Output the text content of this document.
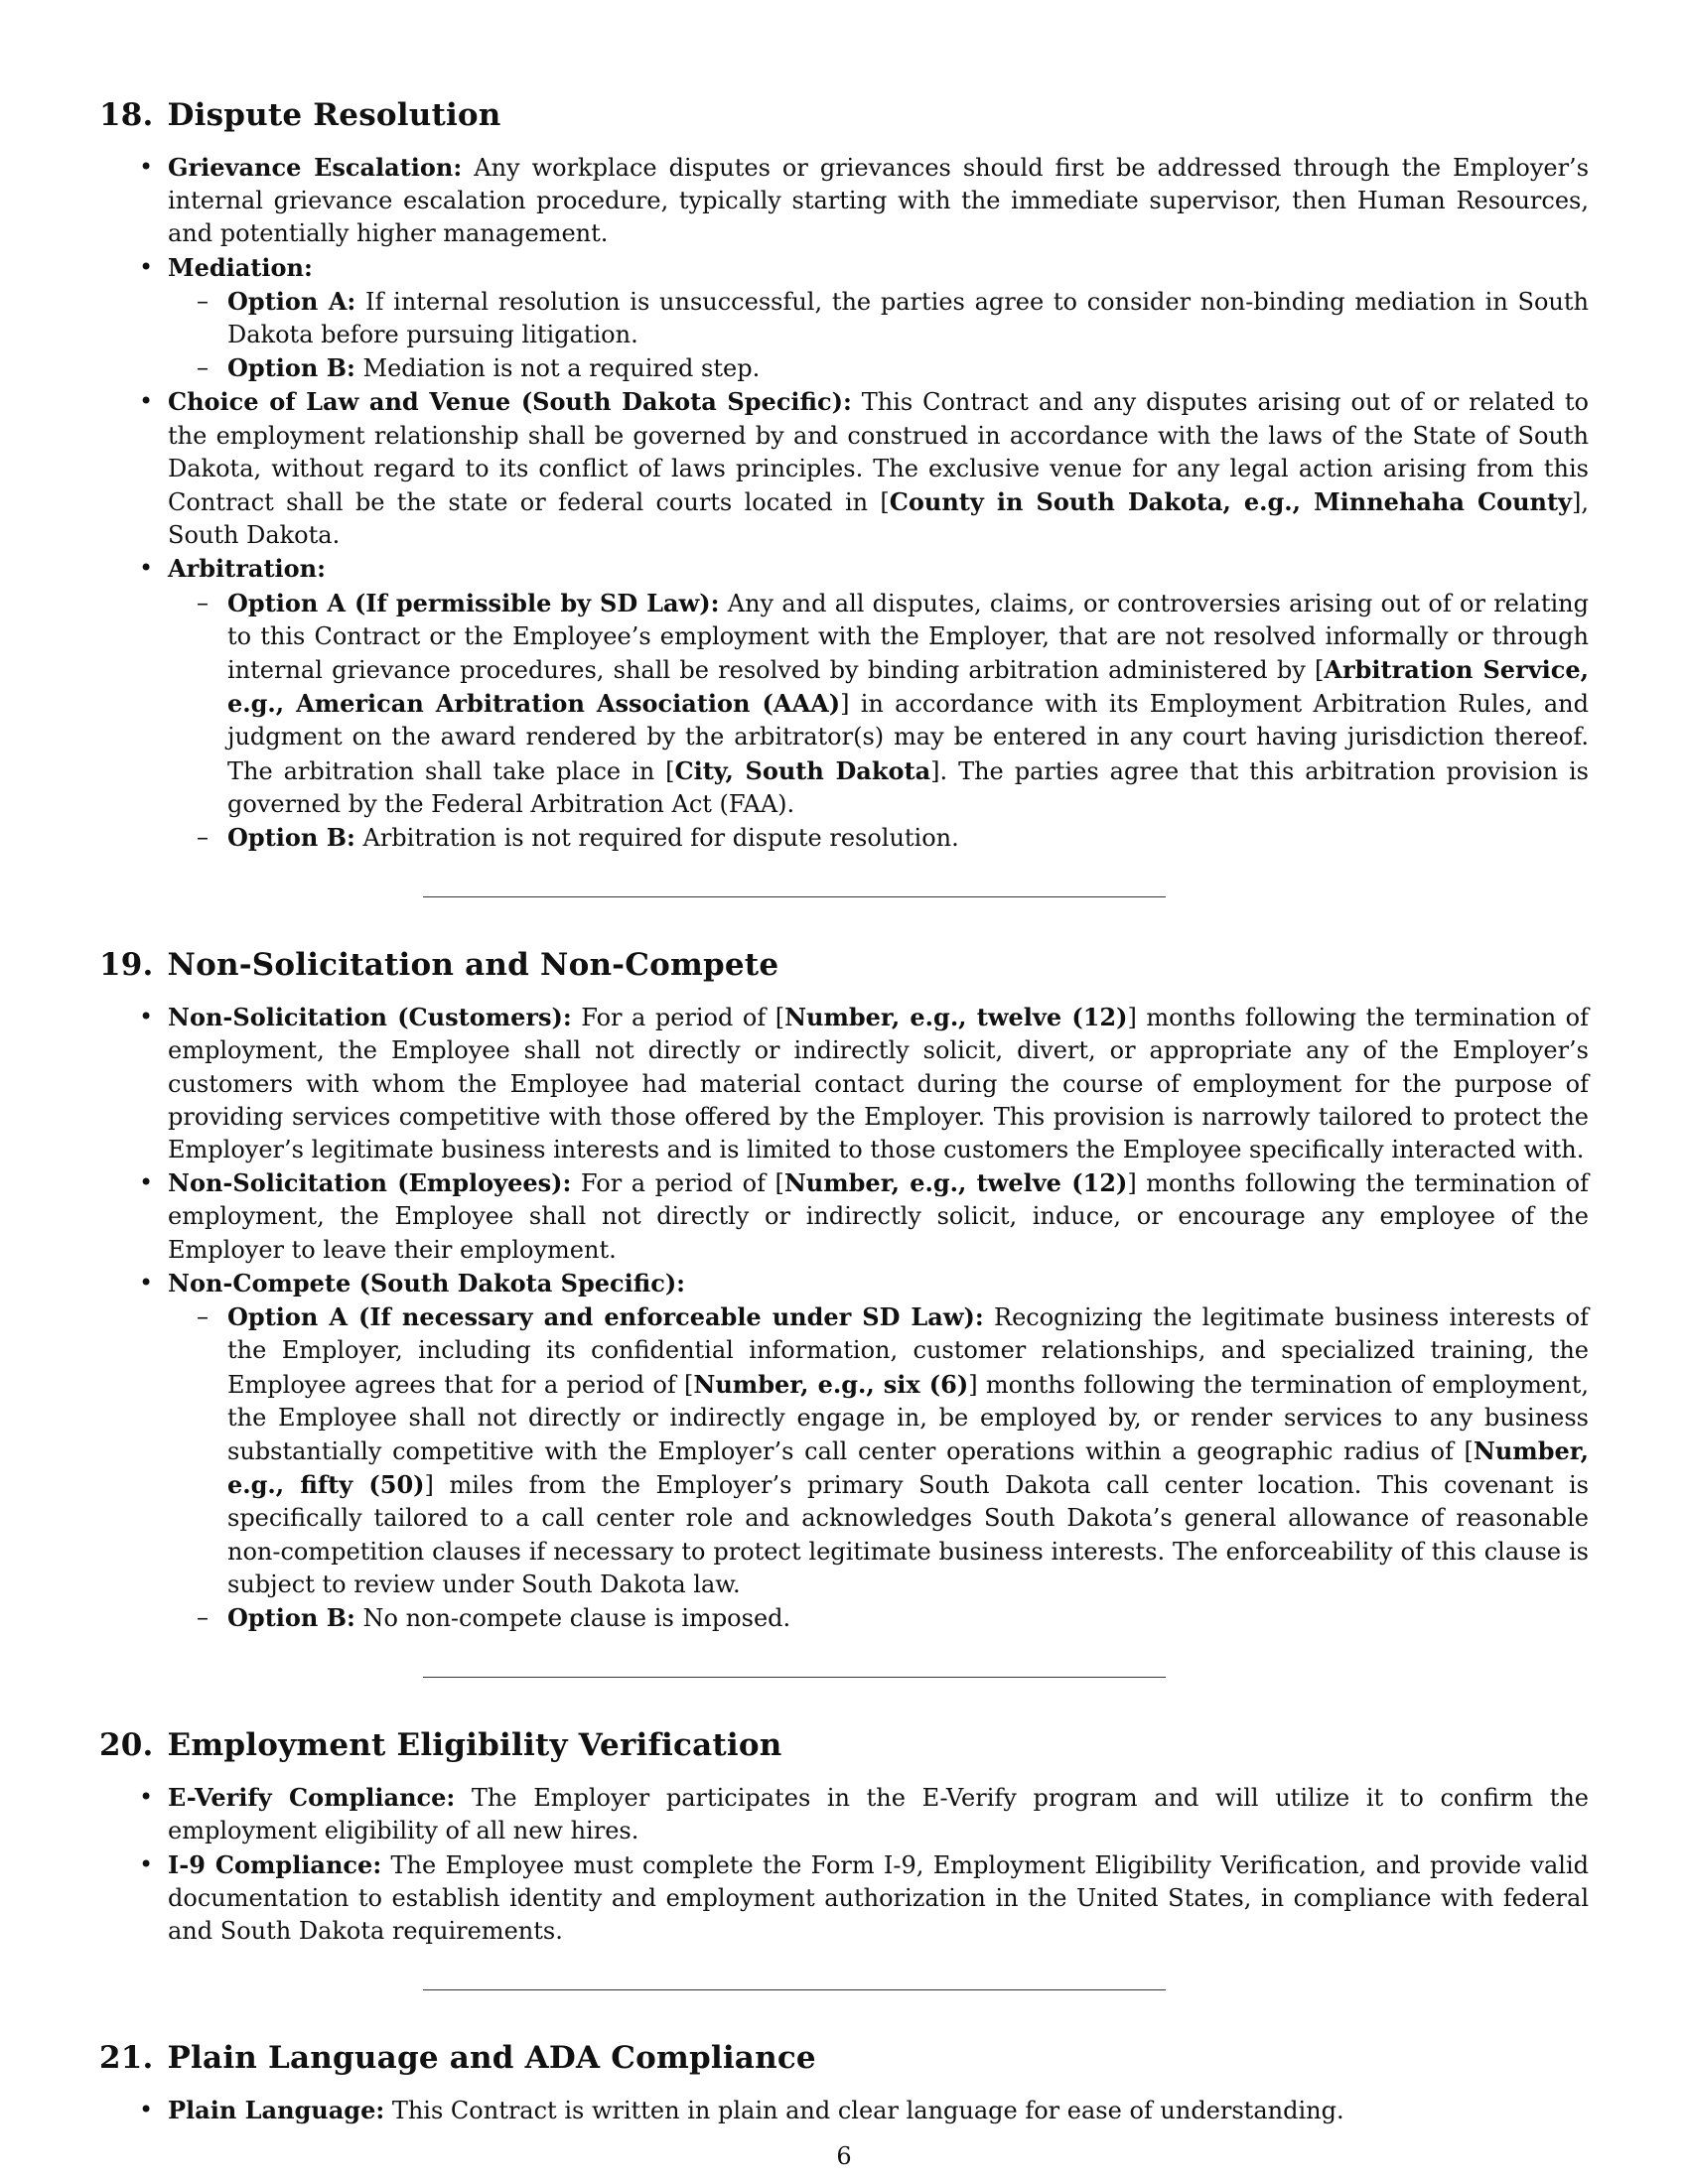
18. Dispute Resolution
• Grievance Escalation: Any workplace disputes or grievances should first be addressed through the Employer’s internal grievance escalation procedure, typically starting with the immediate supervisor, then Human Resources, and potentially higher management.
• Mediation:
– Option A: If internal resolution is unsuccessful, the parties agree to consider non-binding mediation in South Dakota before pursuing litigation.
– Option B: Mediation is not a required step.
• Choice of Law and Venue (South Dakota Specific): This Contract and any disputes arising out of or related to the employment relationship shall be governed by and construed in accordance with the laws of the State of South Dakota, without regard to its conflict of laws principles. The exclusive venue for any legal action arising from this Contract shall be the state or federal courts located in [County in South Dakota, e.g., Minnehaha County], South Dakota.
• Arbitration:
– Option A (If permissible by SD Law): Any and all disputes, claims, or controversies arising out of or relating to this Contract or the Employee’s employment with the Employer, that are not resolved informally or through internal grievance procedures, shall be resolved by binding arbitration administered by [Arbitration Service, e.g., American Arbitration Association (AAA)] in accordance with its Employment Arbitration Rules, and judgment on the award rendered by the arbitrator(s) may be entered in any court having jurisdiction thereof. The arbitration shall take place in [City, South Dakota]. The parties agree that this arbitration provision is governed by the Federal Arbitration Act (FAA).
– Option B: Arbitration is not required for dispute resolution.
19. Non-Solicitation and Non-Compete
• Non-Solicitation (Customers): For a period of [Number, e.g., twelve (12)] months following the termination of employment, the Employee shall not directly or indirectly solicit, divert, or appropriate any of the Employer’s customers with whom the Employee had material contact during the course of employment for the purpose of providing services competitive with those offered by the Employer. This provision is narrowly tailored to protect the Employer’s legitimate business interests and is limited to those customers the Employee specifically interacted with.
• Non-Solicitation (Employees): For a period of [Number, e.g., twelve (12)] months following the termination of employment, the Employee shall not directly or indirectly solicit, induce, or encourage any employee of the Employer to leave their employment.
• Non-Compete (South Dakota Specific):
– Option A (If necessary and enforceable under SD Law): Recognizing the legitimate business interests of the Employer, including its confidential information, customer relationships, and specialized training, the Employee agrees that for a period of [Number, e.g., six (6)] months following the termination of employment, the Employee shall not directly or indirectly engage in, be employed by, or render services to any business substantially competitive with the Employer’s call center operations within a geographic radius of [Number, e.g., fifty (50)] miles from the Employer’s primary South Dakota call center location. This covenant is specifically tailored to a call center role and acknowledges South Dakota’s general allowance of reasonable non-competition clauses if necessary to protect legitimate business interests. The enforceability of this clause is subject to review under South Dakota law.
– Option B: No non-compete clause is imposed.
20. Employment Eligibility Verification
• E-Verify Compliance: The Employer participates in the E-Verify program and will utilize it to confirm the employment eligibility of all new hires.
• I-9 Compliance: The Employee must complete the Form I-9, Employment Eligibility Verification, and provide valid documentation to establish identity and employment authorization in the United States, in compliance with federal and South Dakota requirements.
21. Plain Language and ADA Compliance
• Plain Language: This Contract is written in plain and clear language for ease of understanding.
6
